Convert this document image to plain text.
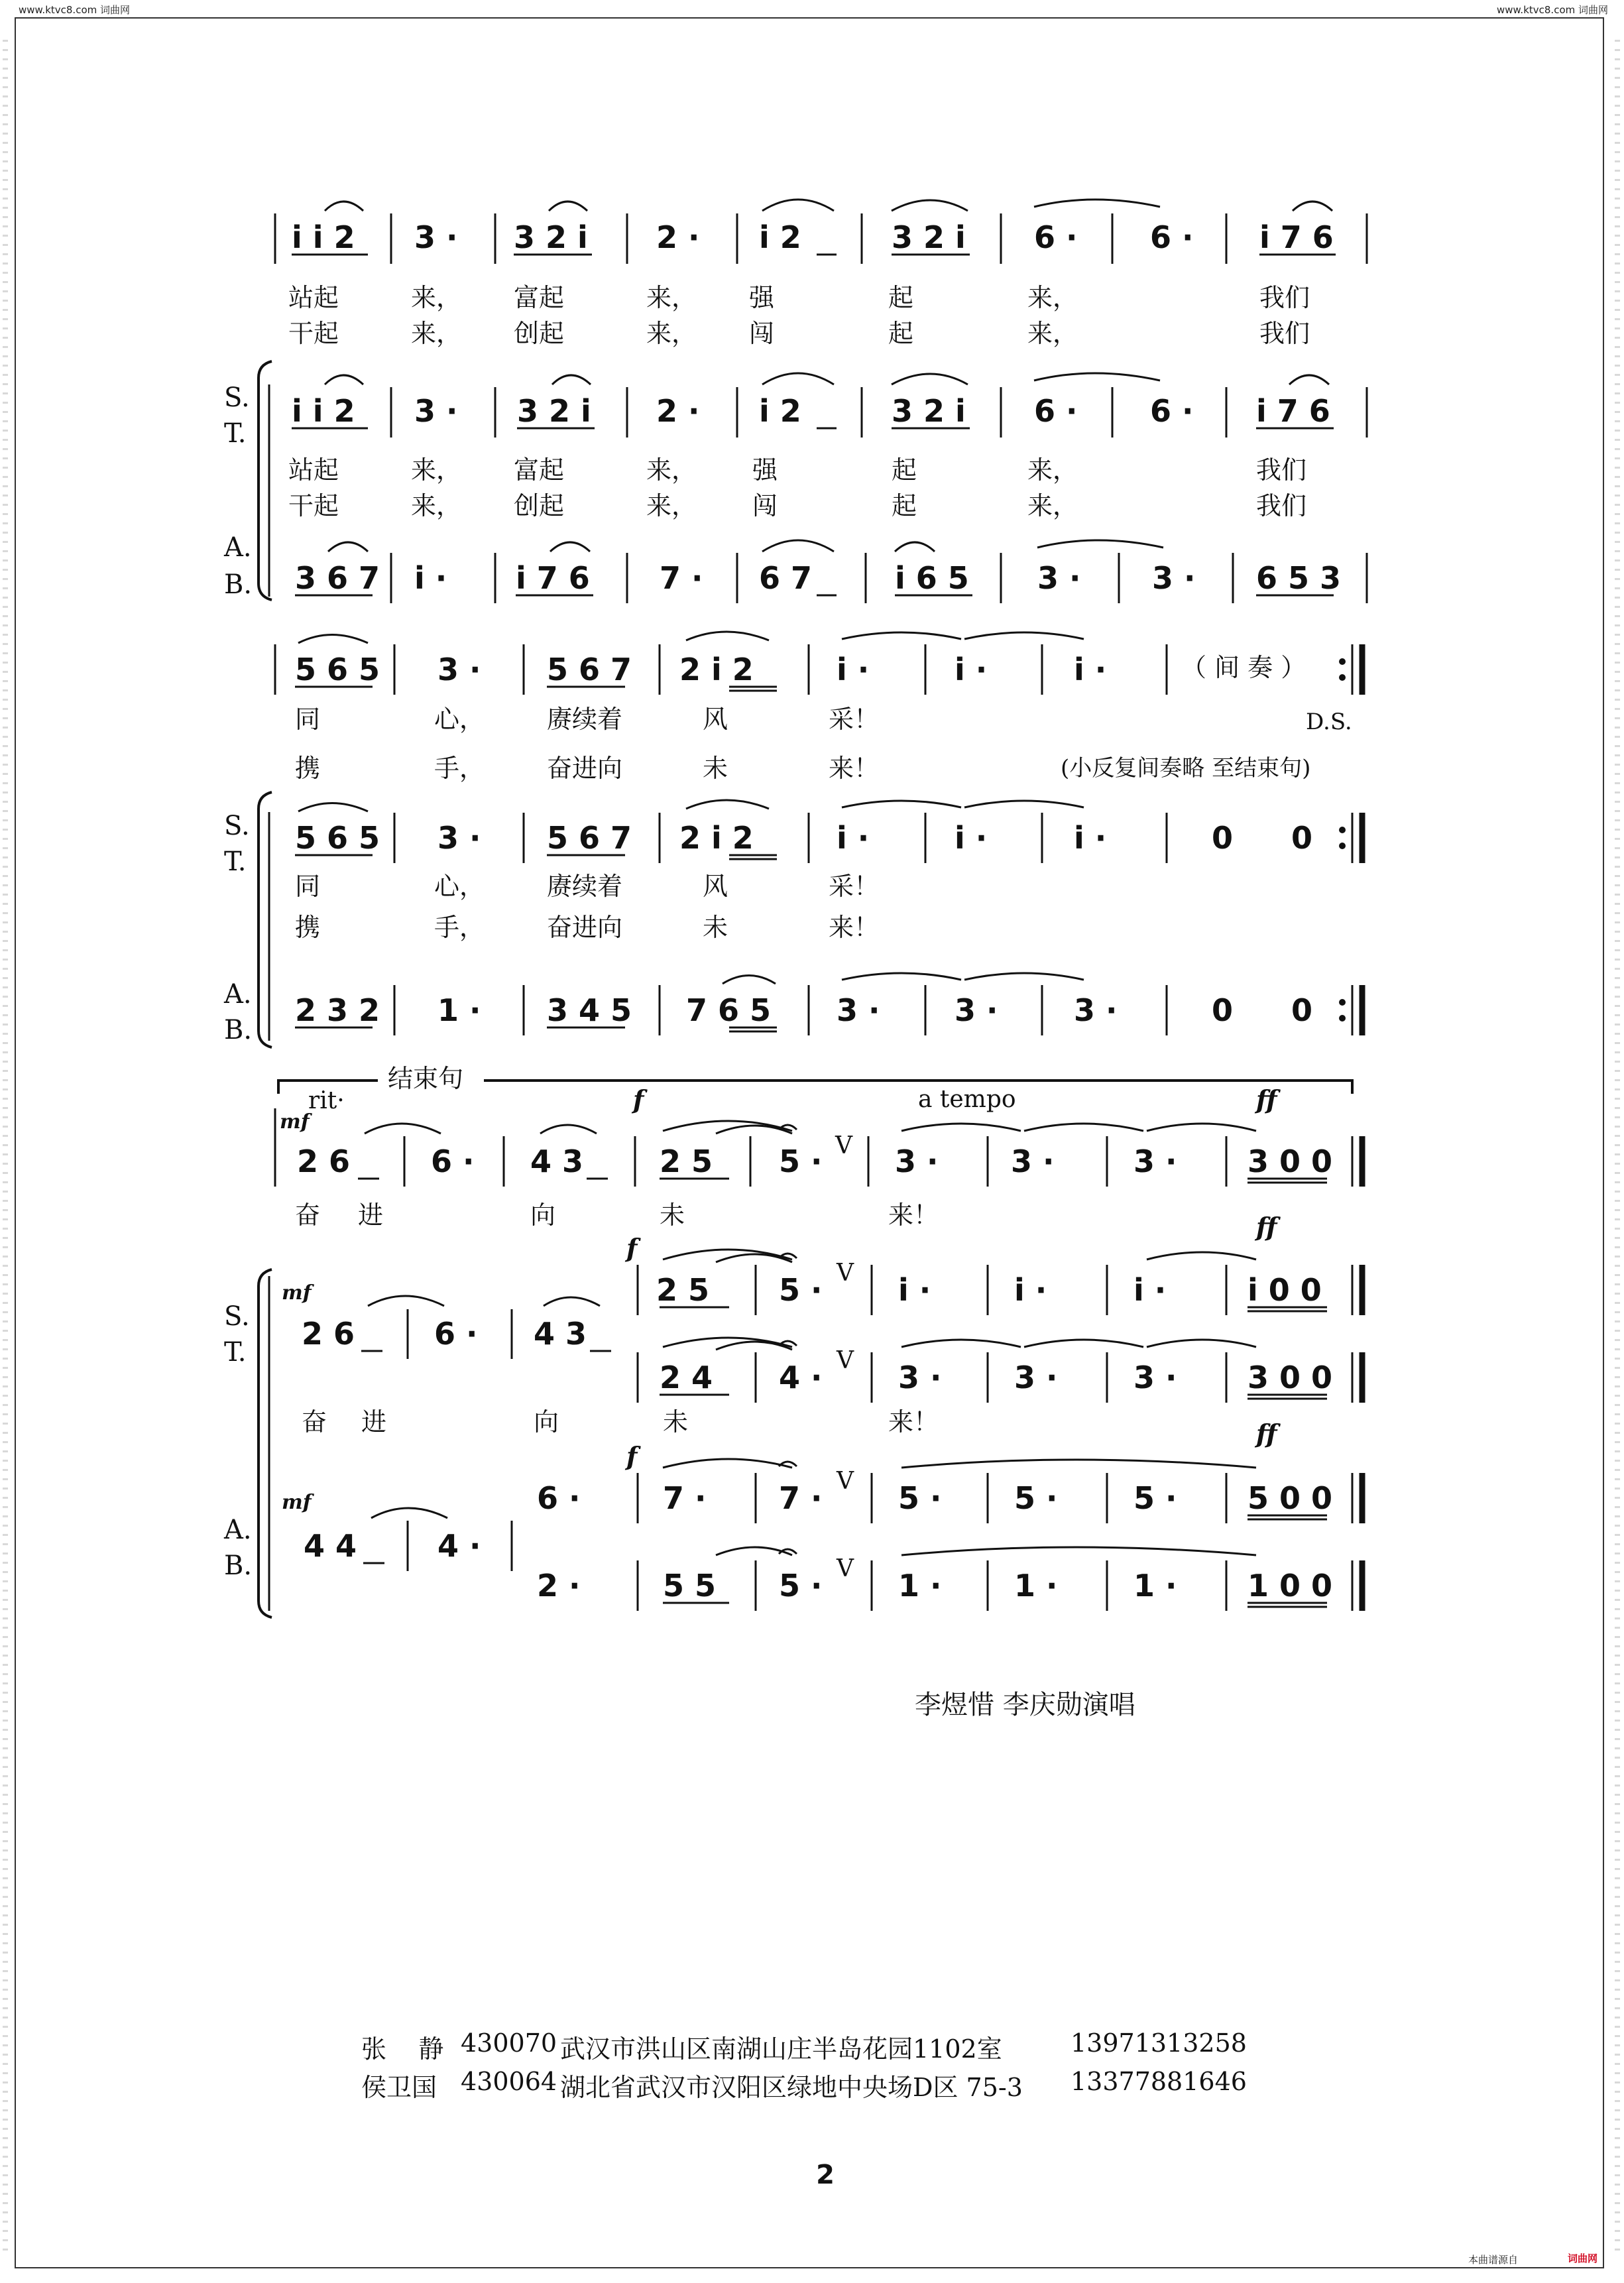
www.ktvc8.com 词曲网	www.ktvc8.com 词曲网
本曲谱源自	词曲网
S.
T.
A.
B.
S.
T.
A.
B.
S.
T.
A.
B.
i i 2 3 · 3 2 i 2 · i 2	3 2 i 6 · 6 · i 7 6
站起	来， 富起	来， 强	起	来，	我们
干起	来， 创起	来， 闯	起	来，	我们
i i 2 3 · 3 2 i 2 · i 2	3 2 i 6 · 6 · i 7 6
站起	来， 富起	来， 强	起	来，	我们
干起	来， 创起	来， 闯	起	来，	我们
3 6 7 i · i 7 6 7 · 6 7	i 6 5 3 · 3 · 6 5 3
5 6 5 3 · 5 6 7 2 i 2	i ·	i ·	i ·	（ 间 奏 ）
D.S.
同	心， 赓续着	风	采！
携	手， 奋进向	未	来！	(小反复间奏略 至结束句)
5 6 5 3 · 5 6 7 2 i 2	i ·	i ·	i ·	0 0
同	心， 赓续着	风	采！
携	手， 奋进向	未	来！
2 3 2 1 · 3 4 5 7 6 5 3 · 3 · 3 ·	0 0
结束句
rit·	f	a tempo	ff
mf
2 6	6 · 4 3 2 5 5 · V 3 · 3 ·	3 · 3 0 0
奋 进	向	未	来！
f
ff
2 5 5 · V i ·	i ·	i ·	i 0 0
mf
2 6	6 · 4 3
2 4 4 · V 3 · 3 · 3 · 3 0 0
奋 进	向	未	来！
f
ff
mf	6 ·	7 · 7 · V 5 · 5 · 5 · 5 0 0
4 4	4 ·
2 ·	5 5 5 · V 1 · 1 · 1 · 1 0 0
李煜惜 李庆勋演唱
张    静 430070 武汉市洪山区南湖山庄半岛花园1102室	13971313258
侯卫国 430064 湖北省武汉市汉阳区绿地中央场D区 75-3 13377881646
2
